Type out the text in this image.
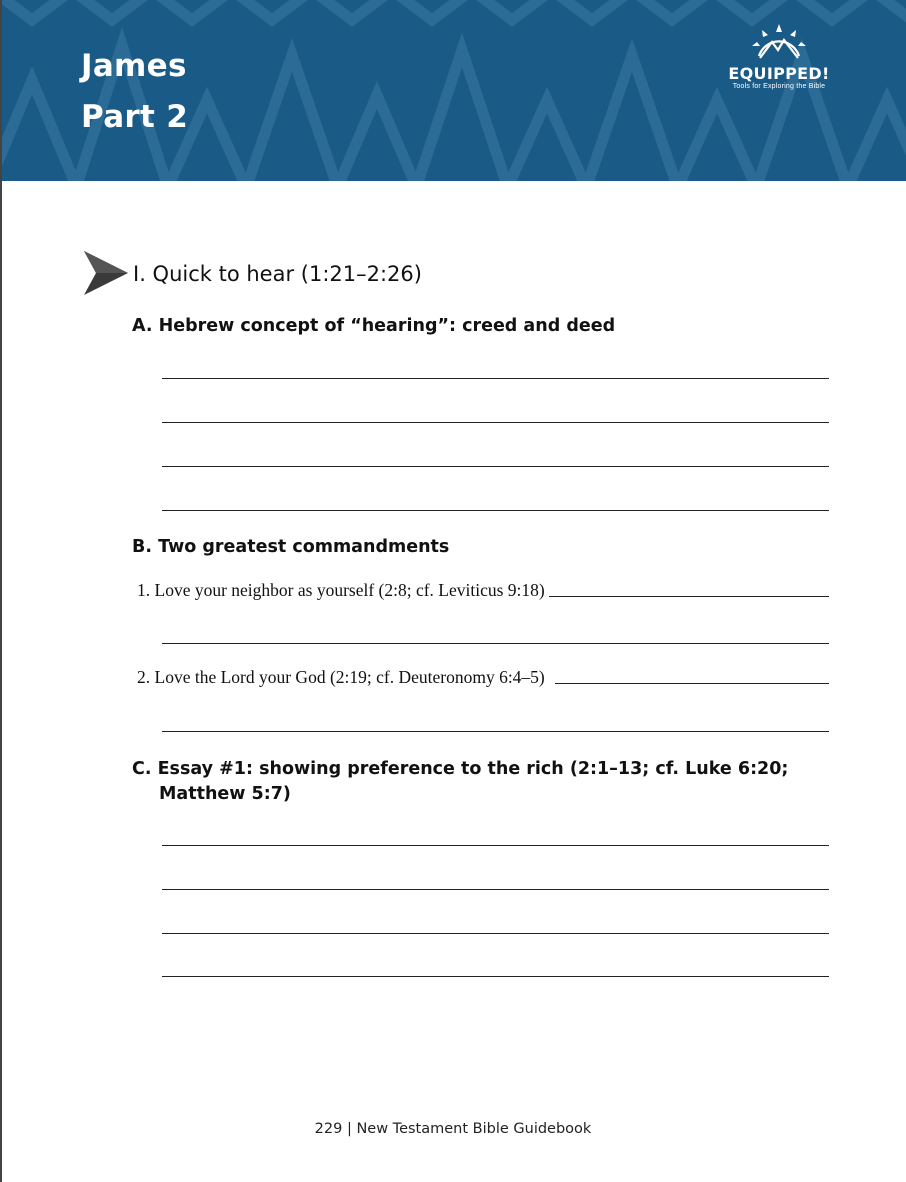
James
Part 2
EQUIPPED!
Tools for Exploring the Bible
I. Quick to hear (1:21–2:26)
A. Hebrew concept of “hearing”: creed and deed
B. Two greatest commandments
1. Love your neighbor as yourself (2:8; cf. Leviticus 9:18)
2. Love the Lord your God (2:19; cf. Deuteronomy 6:4–5)
C. Essay #1: showing preference to the rich (2:1–13; cf. Luke 6:20;
Matthew 5:7)
229 | New Testament Bible Guidebook
